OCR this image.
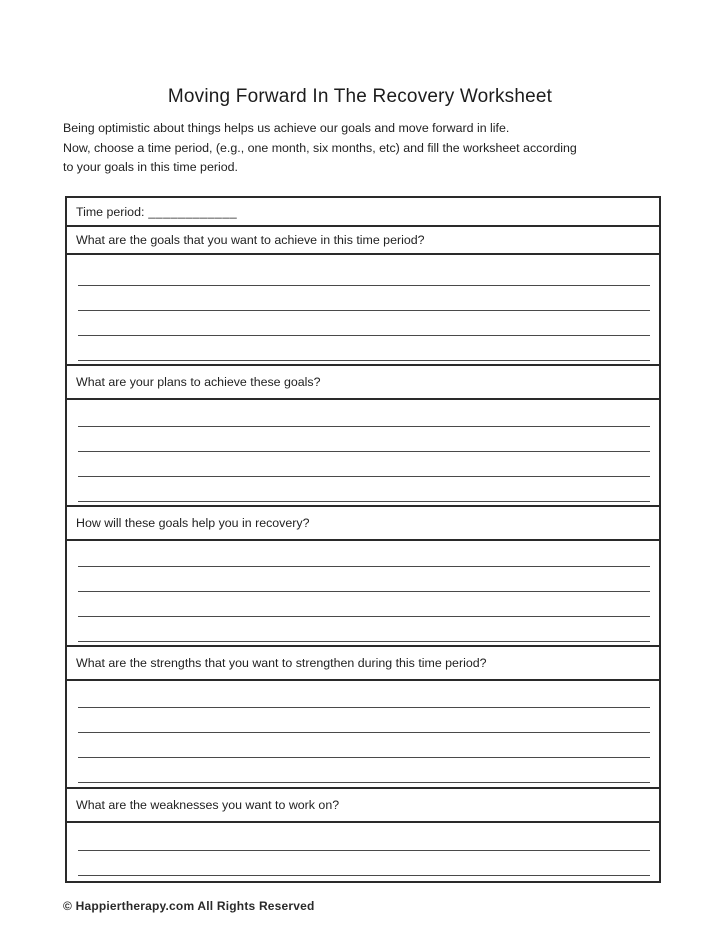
Moving Forward In The Recovery Worksheet
Being optimistic about things helps us achieve our goals and move forward in life.
Now, choose a time period, (e.g., one month, six months, etc) and fill the worksheet according
to your goals in this time period.
Time period: ____________
What are the goals that you want to achieve in this time period?
What are your plans to achieve these goals?
How will these goals help you in recovery?
What are the strengths that you want to strengthen during this time period?
What are the weaknesses you want to work on?
© Happiertherapy.com All Rights Reserved
